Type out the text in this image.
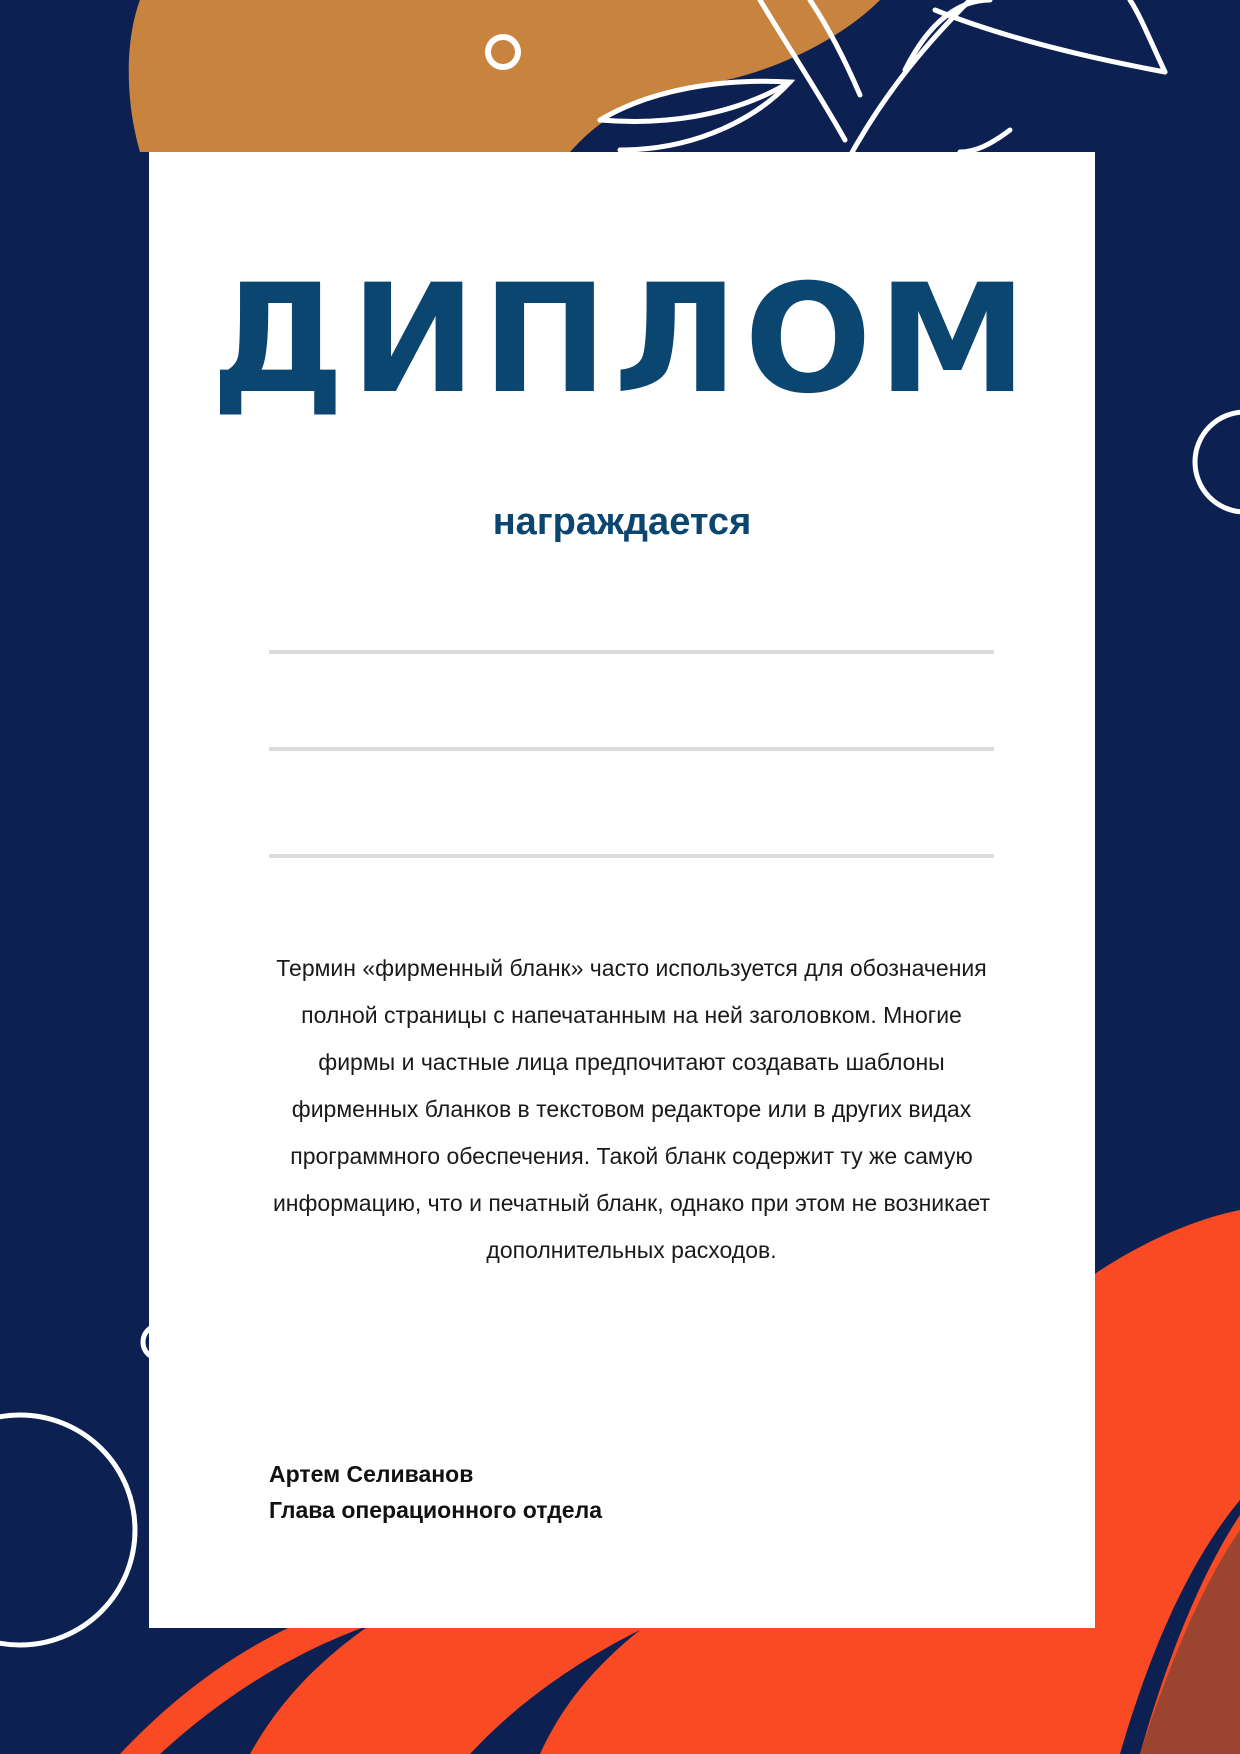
ДИПЛОМ
награждается

Термин «фирменный бланк» часто используется для обозначения полной страницы с напечатанным на ней заголовком. Многие фирмы и частные лица предпочитают создавать шаблоны фирменных бланков в текстовом редакторе или в других видах программного обеспечения. Такой бланк содержит ту же самую информацию, что и печатный бланк, однако при этом не возникает дополнительных расходов.

Артем Селиванов

Глава операционного отдела
